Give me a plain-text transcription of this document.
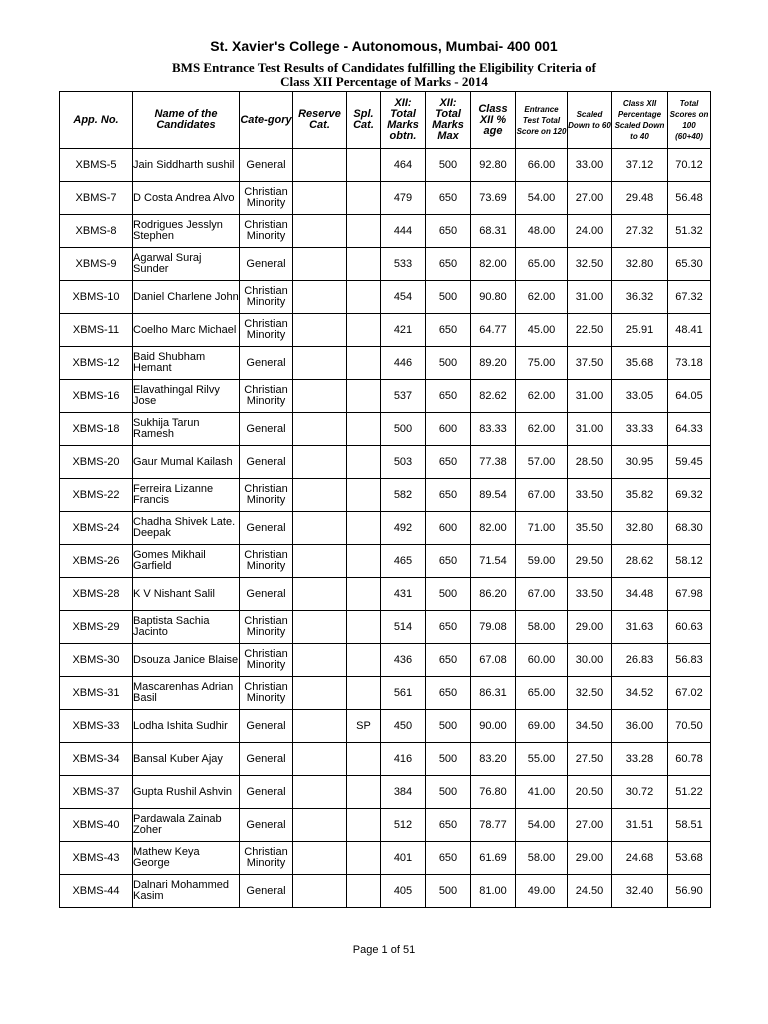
St. Xavier's College - Autonomous, Mumbai- 400 001
BMS Entrance Test Results of Candidates fulfilling the Eligibility Criteria of
Class XII Percentage of Marks - 2014
App. No.	Name of the Candidates	Cate-gory	Reserve Cat.	Spl. Cat.	XII: Total Marks obtn.	XII: Total Marks Max	Class XII % age	Entrance Test Total Score on 120	Scaled Down to 60	Class XII Percentage Scaled Down to 40	Total Scores on 100 (60+40)
XBMS-5	Jain Siddharth sushil	General			464	500	92.80	66.00	33.00	37.12	70.12
XBMS-7	D Costa Andrea Alvo	Christian Minority			479	650	73.69	54.00	27.00	29.48	56.48
XBMS-8	Rodrigues Jesslyn Stephen	Christian Minority			444	650	68.31	48.00	24.00	27.32	51.32
XBMS-9	Agarwal Suraj Sunder	General			533	650	82.00	65.00	32.50	32.80	65.30
XBMS-10	Daniel Charlene John	Christian Minority			454	500	90.80	62.00	31.00	36.32	67.32
XBMS-11	Coelho Marc Michael	Christian Minority			421	650	64.77	45.00	22.50	25.91	48.41
XBMS-12	Baid Shubham Hemant	General			446	500	89.20	75.00	37.50	35.68	73.18
XBMS-16	Elavathingal Rilvy Jose	Christian Minority			537	650	82.62	62.00	31.00	33.05	64.05
XBMS-18	Sukhija Tarun Ramesh	General			500	600	83.33	62.00	31.00	33.33	64.33
XBMS-20	Gaur Mumal Kailash	General			503	650	77.38	57.00	28.50	30.95	59.45
XBMS-22	Ferreira Lizanne Francis	Christian Minority			582	650	89.54	67.00	33.50	35.82	69.32
XBMS-24	Chadha Shivek Late. Deepak	General			492	600	82.00	71.00	35.50	32.80	68.30
XBMS-26	Gomes Mikhail Garfield	Christian Minority			465	650	71.54	59.00	29.50	28.62	58.12
XBMS-28	K V Nishant Salil	General			431	500	86.20	67.00	33.50	34.48	67.98
XBMS-29	Baptista Sachia Jacinto	Christian Minority			514	650	79.08	58.00	29.00	31.63	60.63
XBMS-30	Dsouza Janice Blaise	Christian Minority			436	650	67.08	60.00	30.00	26.83	56.83
XBMS-31	Mascarenhas Adrian Basil	Christian Minority			561	650	86.31	65.00	32.50	34.52	67.02
XBMS-33	Lodha Ishita Sudhir	General		SP	450	500	90.00	69.00	34.50	36.00	70.50
XBMS-34	Bansal Kuber Ajay	General			416	500	83.20	55.00	27.50	33.28	60.78
XBMS-37	Gupta Rushil Ashvin	General			384	500	76.80	41.00	20.50	30.72	51.22
XBMS-40	Pardawala Zainab Zoher	General			512	650	78.77	54.00	27.00	31.51	58.51
XBMS-43	Mathew Keya George	Christian Minority			401	650	61.69	58.00	29.00	24.68	53.68
XBMS-44	Dalnari Mohammed Kasim	General			405	500	81.00	49.00	24.50	32.40	56.90
Page 1 of 51
